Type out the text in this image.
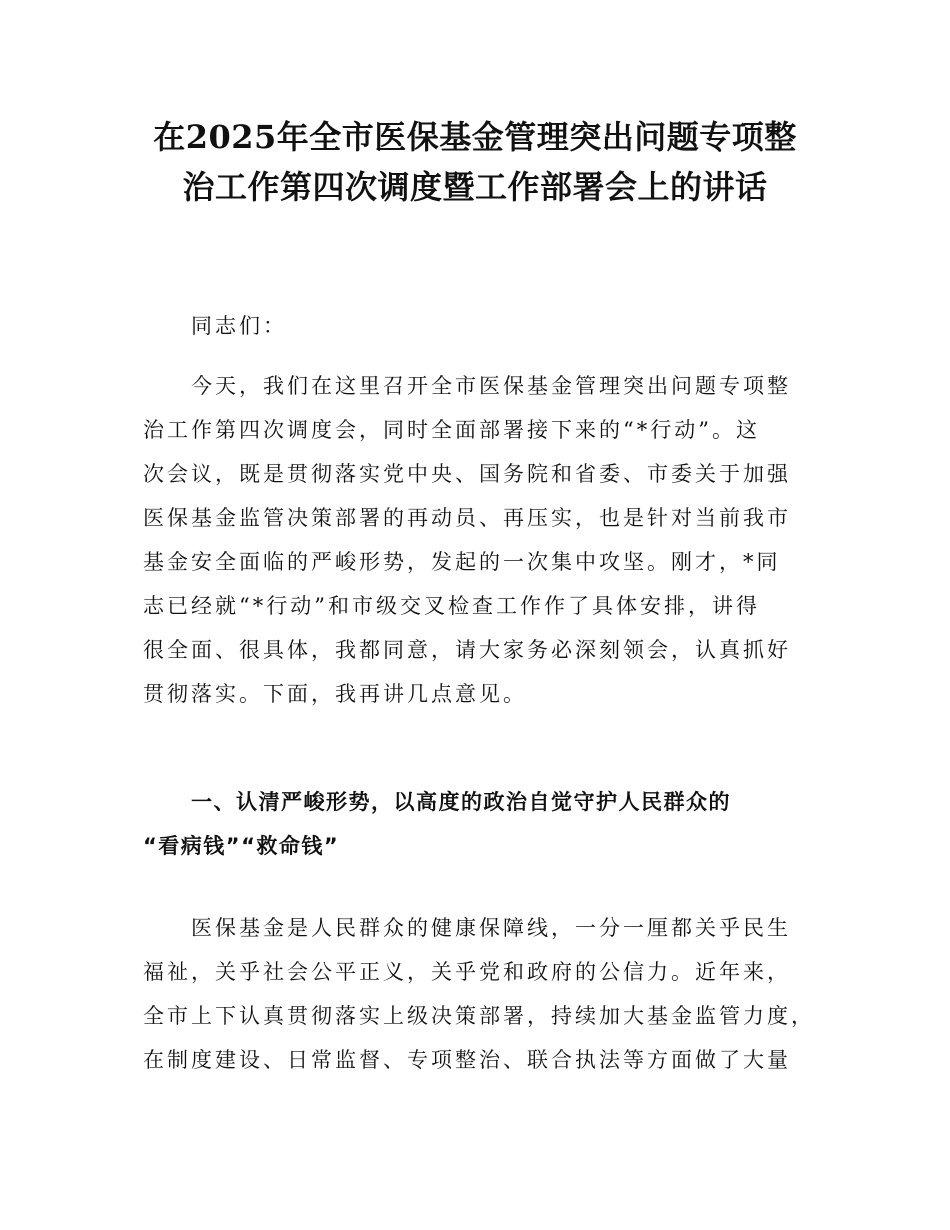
在2025年全市医保基金管理突出问题专项整
治工作第四次调度暨工作部署会上的讲话

同志们：

今天，我们在这里召开全市医保基金管理突出问题专项整
治工作第四次调度会，同时全面部署接下来的“*行动”。这
次会议，既是贯彻落实党中央、国务院和省委、市委关于加强
医保基金监管决策部署的再动员、再压实，也是针对当前我市
基金安全面临的严峻形势，发起的一次集中攻坚。刚才，*同
志已经就“*行动”和市级交叉检查工作作了具体安排，讲得
很全面、很具体，我都同意，请大家务必深刻领会，认真抓好
贯彻落实。下面，我再讲几点意见。

一、认清严峻形势，以高度的政治自觉守护人民群众的
“看病钱”“救命钱”

医保基金是人民群众的健康保障线，一分一厘都关乎民生
福祉，关乎社会公平正义，关乎党和政府的公信力。近年来，
全市上下认真贯彻落实上级决策部署，持续加大基金监管力度，
在制度建设、日常监督、专项整治、联合执法等方面做了大量
